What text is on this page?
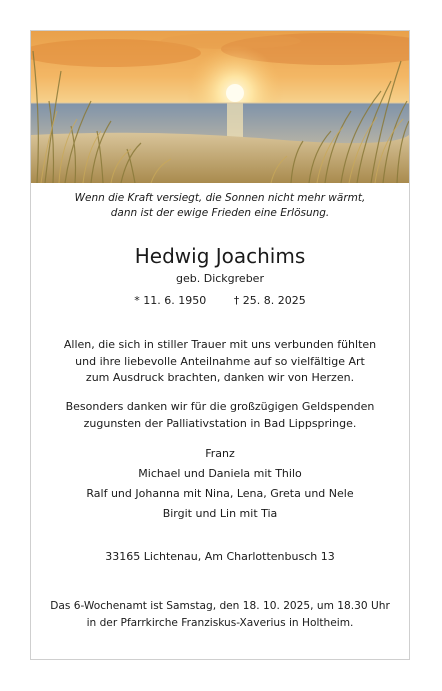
Wenn die Kraft versiegt, die Sonnen nicht mehr wärmt,
dann ist der ewige Frieden eine Erlösung.
Hedwig Joachims
geb. Dickgreber
* 11. 6. 1950	† 25. 8. 2025
Allen, die sich in stiller Trauer mit uns verbunden fühlten
und ihre liebevolle Anteilnahme auf so vielfältige Art
zum Ausdruck brachten, danken wir von Herzen.
Besonders danken wir für die großzügigen Geldspenden
zugunsten der Palliativstation in Bad Lippspringe.
Franz
Michael und Daniela mit Thilo
Ralf und Johanna mit Nina, Lena, Greta und Nele
Birgit und Lin mit Tia
33165 Lichtenau, Am Charlottenbusch 13
Das 6-Wochenamt ist Samstag, den 18. 10. 2025, um 18.30 Uhr
in der Pfarrkirche Franziskus-Xaverius in Holtheim.
